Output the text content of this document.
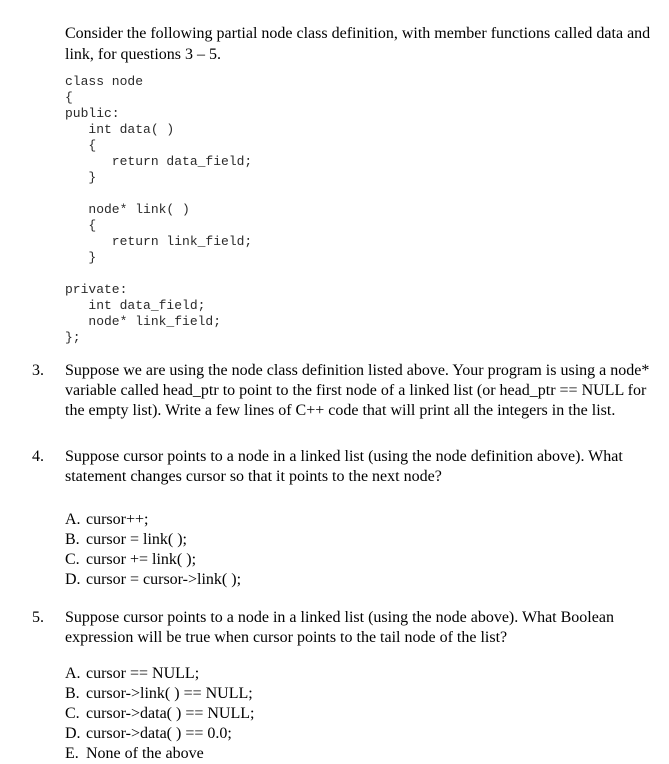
Consider the following partial node class definition, with member functions called data and link, for questions 3 – 5.

class node
{
public:
int data( )
{
return data_field;
}

node* link( )
{
return link_field;
}

private:
int data_field;
node* link_field;
};
3.	Suppose we are using the node class definition listed above. Your program is using a node* variable called head_ptr to point to the first node of a linked list (or head_ptr == NULL for the empty list). Write a few lines of C++ code that will print all the integers in the list.
4.	Suppose cursor points to a node in a linked list (using the node definition above). What statement changes cursor so that it points to the next node?
A. cursor++;
B. cursor = link( );
C. cursor += link( );
D. cursor = cursor->link( );
5.	Suppose cursor points to a node in a linked list (using the node above). What Boolean expression will be true when cursor points to the tail node of the list?
A. cursor == NULL;
B. cursor->link( ) == NULL;
C. cursor->data( ) == NULL;
D. cursor->data( ) == 0.0;
E. None of the above
